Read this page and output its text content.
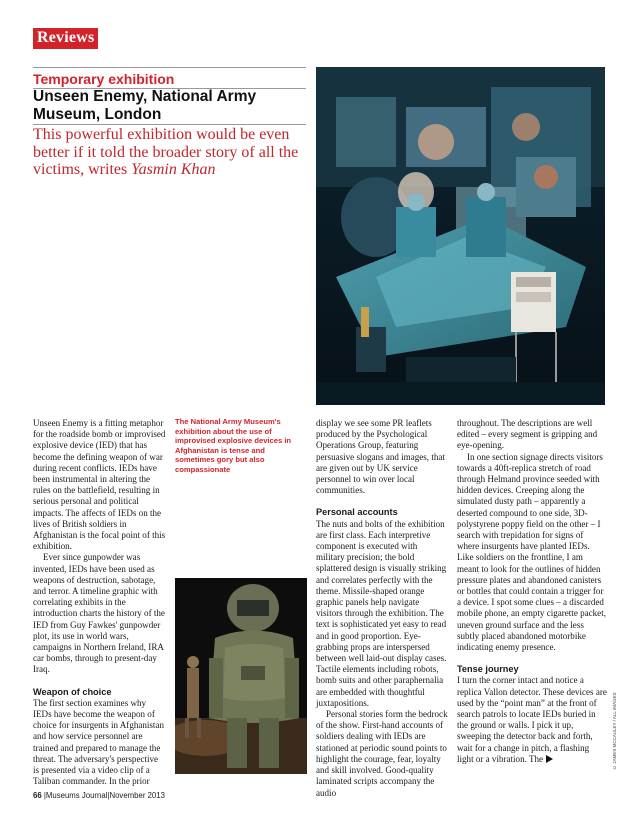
Reviews
Temporary exhibition
Unseen Enemy, National Army Museum, London
This powerful exhibition would be even better if it told the broader story of all the victims, writes Yasmin Khan

Unseen Enemy is a fitting metaphor for the roadside bomb or improvised explosive device (IED) that has become the defining weapon of war during recent conflicts. IEDs have been instrumental in altering the rules on the battlefield, resulting in serious personal and political impacts. The affects of IEDs on the lives of British soldiers in Afghanistan is the focal point of this exhibition.

Ever since gunpowder was invented, IEDs have been used as weapons of destruction, sabotage, and terror. A timeline graphic with correlating exhibits in the introduction charts the history of the IED from Guy Fawkes' gunpowder plot, its use in world wars, campaigns in Northern Ireland, IRA car bombs, through to present-day Iraq.

Weapon of choice

The first section examines why IEDs have become the weapon of choice for insurgents in Afghanistan and how service personnel are trained and prepared to manage the threat. The adversary's perspective is presented via a video clip of a Taliban commander. In the prior

The National Army Museum's exhibition about the use of improvised explosive devices in Afghanistan is tense and sometimes gory but also compassionate

display we see some PR leaflets produced by the Psychological Operations Group, featuring persuasive slogans and images, that are given out by UK service personnel to win over local communities.

Personal accounts

The nuts and bolts of the exhibition are first class. Each interpretive component is executed with military precision; the bold splattered design is visually striking and correlates perfectly with the theme. Missile-shaped orange graphic panels help navigate visitors through the exhibition. The text is sophisticated yet easy to read and in good proportion. Eye-grabbing props are interspersed between well laid-out display cases. Tactile elements including robots, bomb suits and other paraphernalia are embedded with thoughtful juxtapositions.

Personal stories form the bedrock of the show. First-hand accounts of soldiers dealing with IEDs are stationed at periodic sound points to highlight the courage, fear, loyalty and skill involved. Good-quality laminated scripts accompany the audio

throughout. The descriptions are well edited – every segment is gripping and eye-opening.

In one section signage directs visitors towards a 40ft-replica stretch of road through Helmand province seeded with hidden devices. Creeping along the simulated dusty path – apparently a deserted compound to one side, 3D-polystyrene poppy field on the other – I search with trepidation for signs of where insurgents have planted IEDs. Like soldiers on the frontline, I am meant to look for the outlines of hidden pressure plates and abandoned canisters or bottles that could contain a trigger for a device. I spot some clues – a discarded mobile phone, an empty cigarette packet, uneven ground surface and the less subtly placed abandoned motorbike indicating enemy presence.

Tense journey

I turn the corner intact and notice a replica Vallon detector. These devices are used by the “point man” at the front of search patrols to locate IEDs buried in the ground or walls. I pick it up, sweeping the detector back and forth, wait for a change in pitch, a flashing light or a vibration. The	© JAMES MCCAULEY / ALL IMAGES
66 |Museums Journal|November 2013
